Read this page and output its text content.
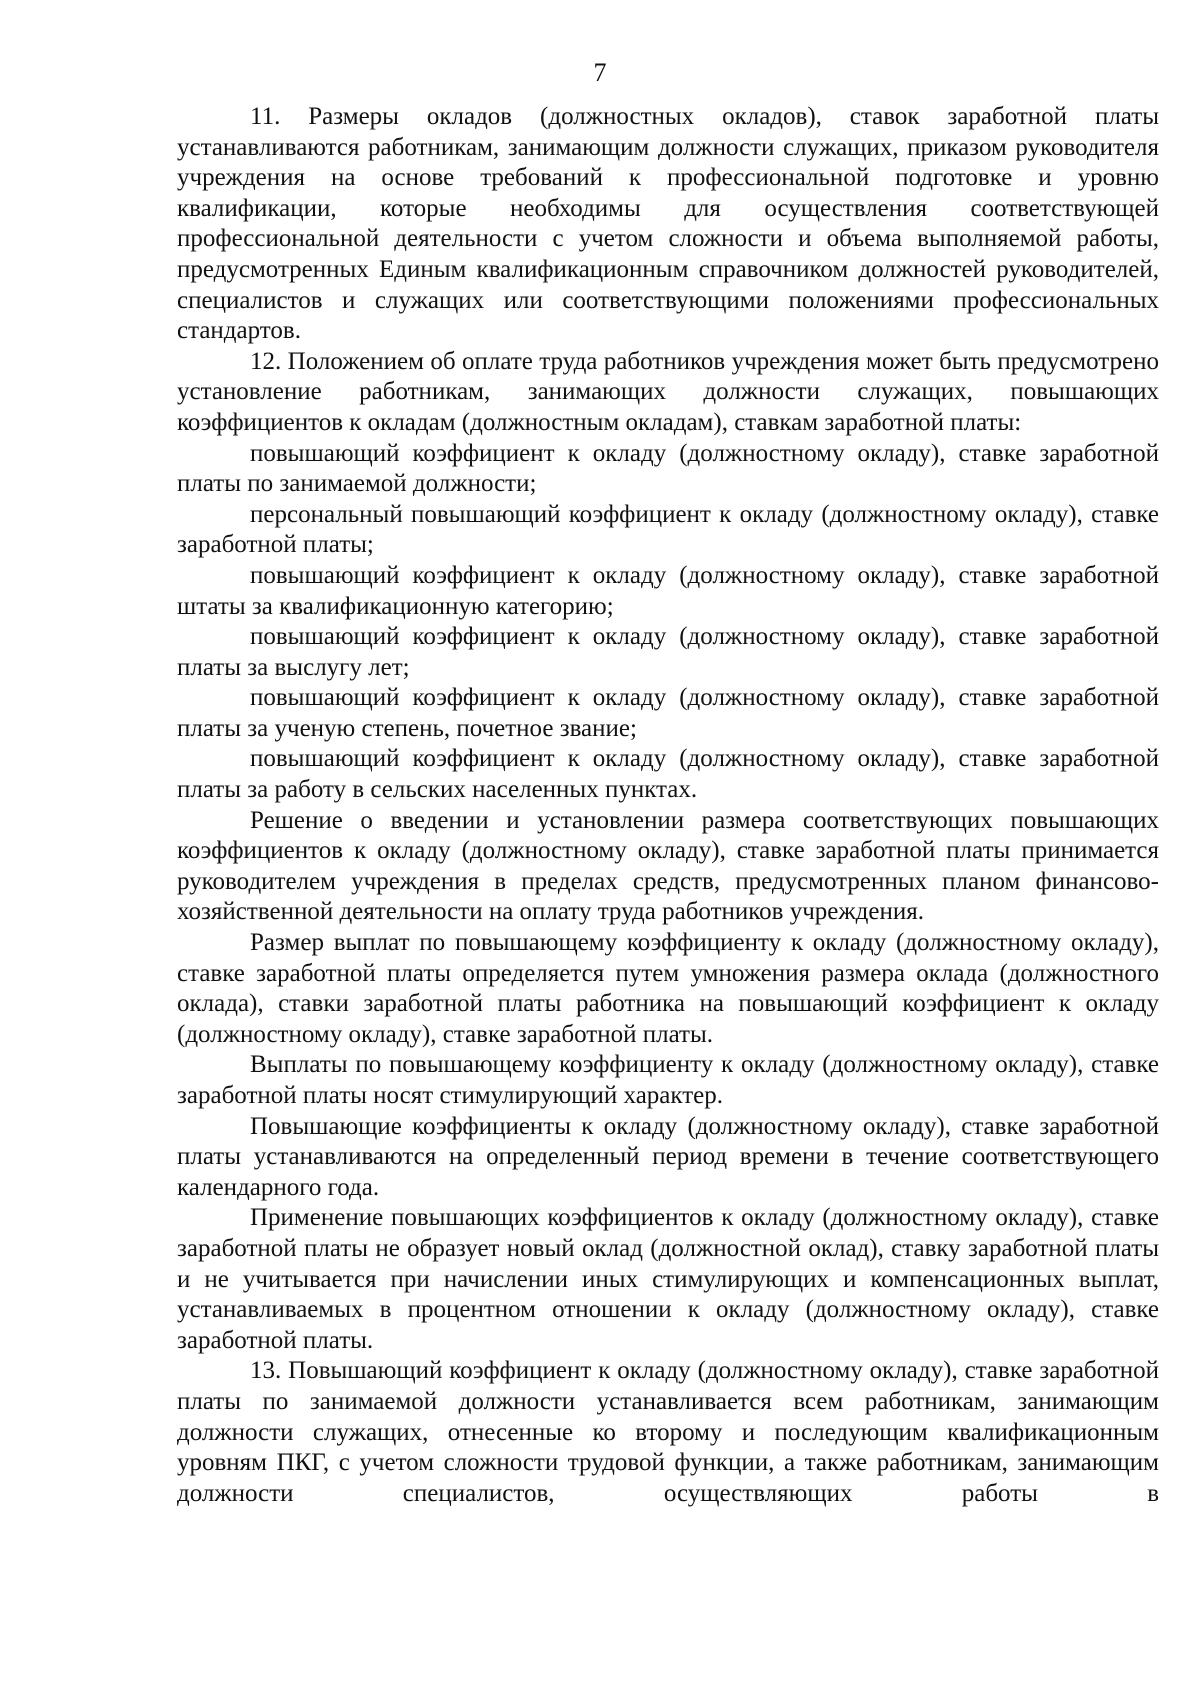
7

11. Размеры окладов (должностных окладов), ставок заработной платы устанавливаются работникам, занимающим должности служащих, приказом руководителя учреждения на основе требований к профессиональной подготовке и уровню квалификации, которые необходимы для осуществления соответствующей профессиональной деятельности с учетом сложности и объема выполняемой работы, предусмотренных Единым квалификационным справочником должностей руководителей, специалистов и служащих или соответствующими положениями профессиональных стандартов.

12. Положением об оплате труда работников учреждения может быть предусмотрено установление работникам, занимающих должности служащих, повышающих коэффициентов к окладам (должностным окладам), ставкам заработной платы:

повышающий коэффициент к окладу (должностному окладу), ставке заработной платы по занимаемой должности;

персональный повышающий коэффициент к окладу (должностному окладу), ставке заработной платы;

повышающий коэффициент к окладу (должностному окладу), ставке заработной штаты за квалификационную категорию;

повышающий коэффициент к окладу (должностному окладу), ставке заработной платы за выслугу лет;

повышающий коэффициент к окладу (должностному окладу), ставке заработной платы за ученую степень, почетное звание;

повышающий коэффициент к окладу (должностному окладу), ставке заработной платы за работу в сельских населенных пунктах.

Решение о введении и установлении размера соответствующих повышающих коэффициентов к окладу (должностному окладу), ставке заработной платы принимается руководителем учреждения в пределах средств, предусмотренных планом финансово-хозяйственной деятельности на оплату труда работников учреждения.

Размер выплат по повышающему коэффициенту к окладу (должностному окладу), ставке заработной платы определяется путем умножения размера оклада (должностного оклада), ставки заработной платы работника на повышающий коэффициент к окладу (должностному окладу), ставке заработной платы.

Выплаты по повышающему коэффициенту к окладу (должностному окладу), ставке заработной платы носят стимулирующий характер.

Повышающие коэффициенты к окладу (должностному окладу), ставке заработной платы устанавливаются на определенный период времени в течение соответствующего календарного года.

Применение повышающих коэффициентов к окладу (должностному окладу), ставке заработной платы не образует новый оклад (должностной оклад), ставку заработной платы и не учитывается при начислении иных стимулирующих и компенсационных выплат, устанавливаемых в процентном отношении к окладу (должностному окладу), ставке заработной платы.

13. Повышающий коэффициент к окладу (должностному окладу), ставке заработной платы по занимаемой должности устанавливается всем работникам, занимающим должности служащих, отнесенные ко второму и последующим квалификационным уровням ПКГ, с учетом сложности трудовой функции, а также работникам, занимающим должности специалистов, осуществляющих работы в
